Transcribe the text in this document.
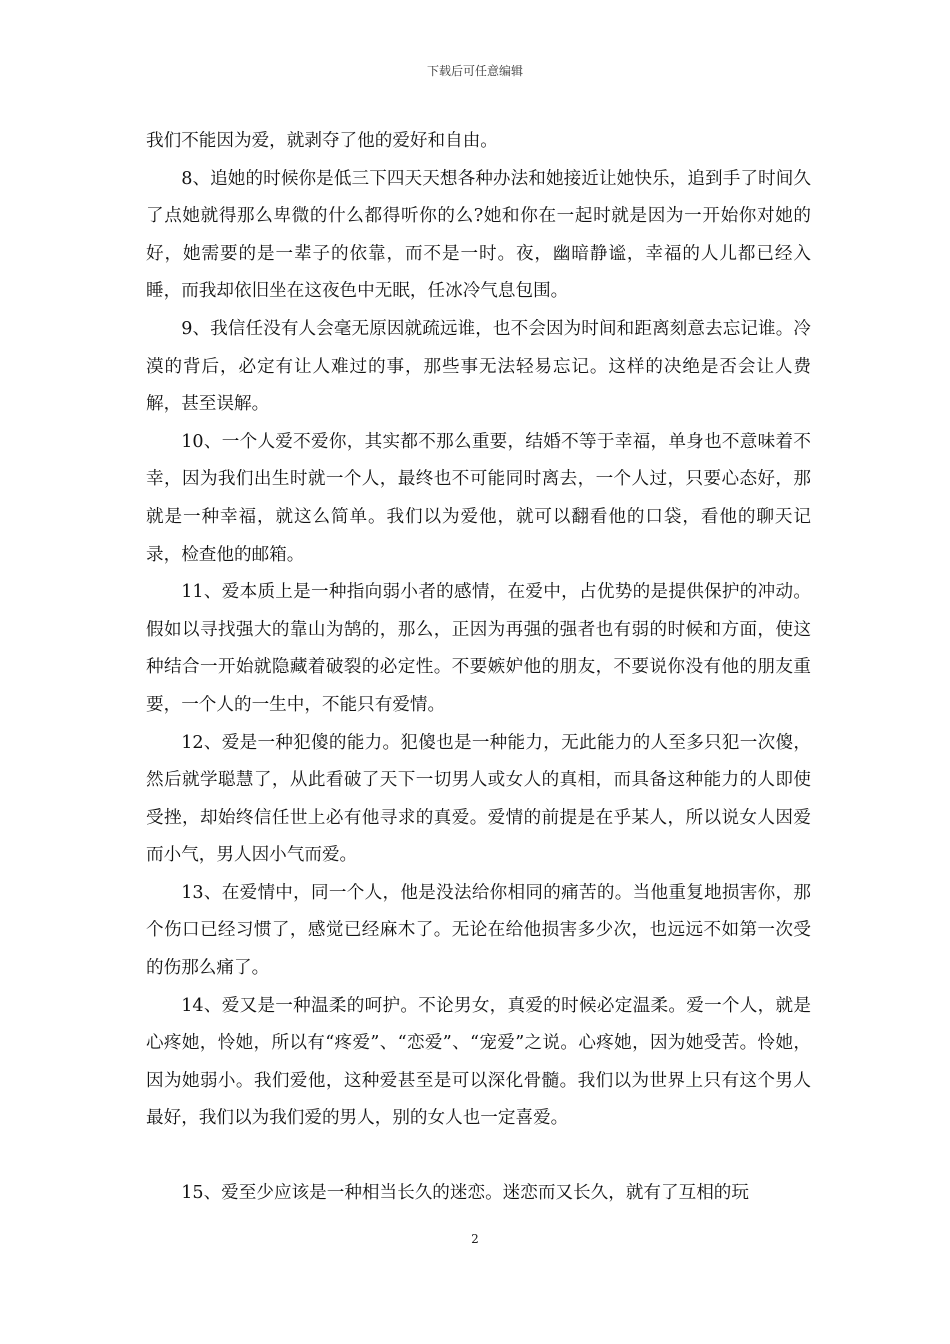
下载后可任意编辑

我们不能因为爱，就剥夺了他的爱好和自由。

8、追她的时候你是低三下四天天想各种办法和她接近让她快乐，追到手了时间久了点她就得那么卑微的什么都得听你的么?她和你在一起时就是因为一开始你对她的好，她需要的是一辈子的依靠，而不是一时。夜，幽暗静谧，幸福的人儿都已经入睡，而我却依旧坐在这夜色中无眠，任冰冷气息包围。

9、我信任没有人会毫无原因就疏远谁，也不会因为时间和距离刻意去忘记谁。冷漠的背后，必定有让人难过的事，那些事无法轻易忘记。这样的决绝是否会让人费解，甚至误解。

10、一个人爱不爱你，其实都不那么重要，结婚不等于幸福，单身也不意味着不幸，因为我们出生时就一个人，最终也不可能同时离去，一个人过，只要心态好，那就是一种幸福，就这么简单。我们以为爱他，就可以翻看他的口袋，看他的聊天记录，检查他的邮箱。

11、爱本质上是一种指向弱小者的感情，在爱中，占优势的是提供保护的冲动。假如以寻找强大的靠山为鹄的，那么，正因为再强的强者也有弱的时候和方面，使这种结合一开始就隐藏着破裂的必定性。不要嫉妒他的朋友，不要说你没有他的朋友重要，一个人的一生中，不能只有爱情。

12、爱是一种犯傻的能力。犯傻也是一种能力，无此能力的人至多只犯一次傻，然后就学聪慧了，从此看破了天下一切男人或女人的真相，而具备这种能力的人即使受挫，却始终信任世上必有他寻求的真爱。爱情的前提是在乎某人，所以说女人因爱而小气，男人因小气而爱。

13、在爱情中，同一个人，他是没法给你相同的痛苦的。当他重复地损害你，那个伤口已经习惯了，感觉已经麻木了。无论在给他损害多少次，也远远不如第一次受的伤那么痛了。

14、爱又是一种温柔的呵护。不论男女，真爱的时候必定温柔。爱一个人，就是心疼她，怜她，所以有“疼爱”、“恋爱”、“宠爱”之说。心疼她，因为她受苦。怜她，因为她弱小。我们爱他，这种爱甚至是可以深化骨髓。我们以为世界上只有这个男人最好，我们以为我们爱的男人，别的女人也一定喜爱。

15、爱至少应该是一种相当长久的迷恋。迷恋而又长久，就有了互相的玩

2
